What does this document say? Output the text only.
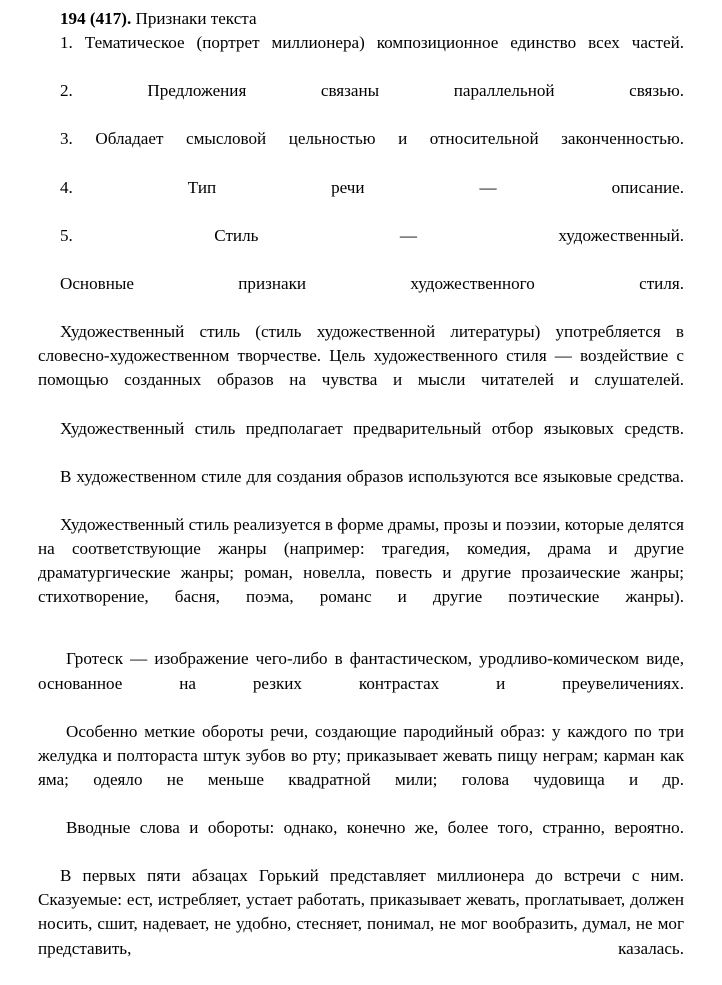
194 (417). Признаки текста

1. Тематическое (портрет миллионера) композиционное единство всех частей.

2. Предложения связаны параллельной связью.

3. Обладает смысловой цельностью и относительной законченностью.

4. Тип речи — описание.

5. Стиль — художественный.

Основные признаки художественного стиля.

Художественный стиль (стиль художественной литературы) употребляется в словесно-художественном творчестве. Цель художественного стиля — воздействие с помощью созданных образов на чувства и мысли читателей и слушателей.

Художественный стиль предполагает предварительный отбор языковых средств.

В художественном стиле для создания образов используются все языковые средства.

Художественный стиль реализуется в форме драмы, прозы и поэзии, которые делятся на соответствующие жанры (например: трагедия, комедия, драма и другие драматургические жанры; роман, новелла, повесть и другие прозаические жанры; стихотворение, басня, поэма, романс и другие поэтические жанры).

Гротеск — изображение чего-либо в фантастическом, уродливо-комическом виде, основанное на резких контрастах и преувеличениях.

Особенно меткие обороты речи, создающие пародийный образ: у каждого по три желудка и полтораста штук зубов во рту; приказывает жевать пищу неграм; карман как яма; одеяло не меньше квадратной мили; голова чудовища и др.

Вводные слова и обороты: однако, конечно же, более того, странно, вероятно.

В первых пяти абзацах Горький представляет миллионера до встречи с ним. Сказуемые: ест, истребляет, устает работать, приказывает жевать, проглатывает, должен носить, сшит, надевает, не удобно, стесняет, понимал, не мог вообразить, думал, не мог представить, казалась.
